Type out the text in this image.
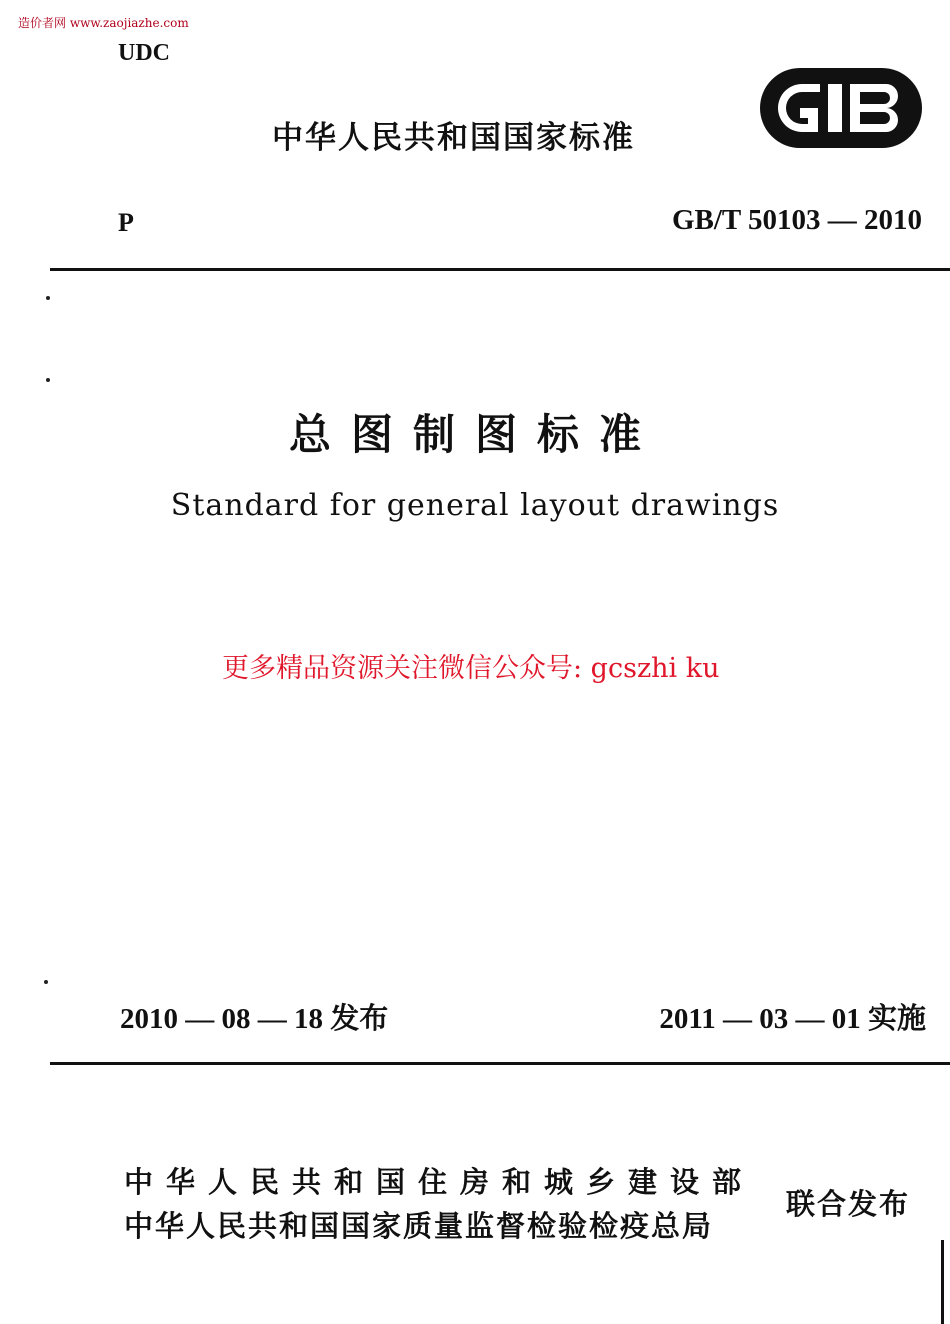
造价者网 www.zaojiazhe.com
UDC
中华人民共和国国家标准
P	GB/T 50103 — 2010
总图制图标准
Standard for general layout drawings
更多精品资源关注微信公众号: gcszhi ku
2010 — 08 — 18 发布	2011 — 03 — 01 实施
中华人民共和国住房和城乡建设部
中华人民共和国国家质量监督检验检疫总局
联合发布
